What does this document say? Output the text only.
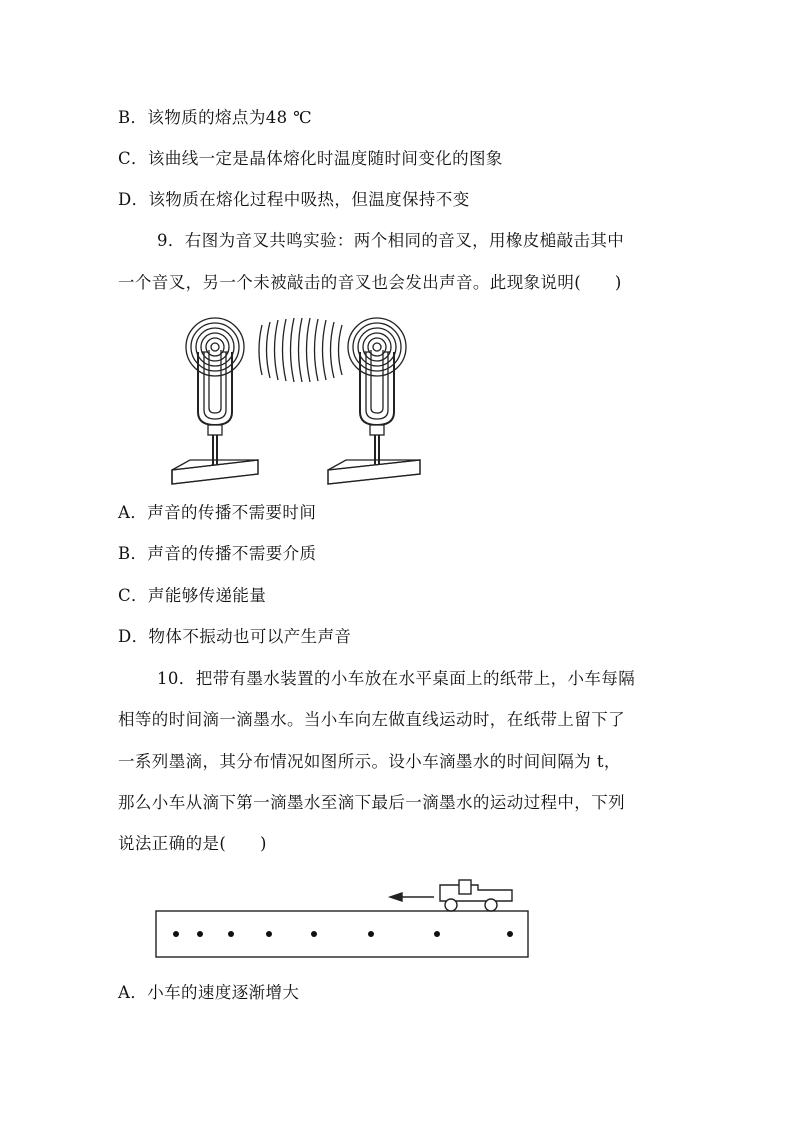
B．该物质的熔点为48 ℃
C．该曲线一定是晶体熔化时温度随时间变化的图象
D．该物质在熔化过程中吸热，但温度保持不变
9．右图为音叉共鸣实验：两个相同的音叉，用橡皮槌敲击其中
一个音叉，另一个未被敲击的音叉也会发出声音。此现象说明(　　)
A．声音的传播不需要时间
B．声音的传播不需要介质
C．声能够传递能量
D．物体不振动也可以产生声音
10．把带有墨水装置的小车放在水平桌面上的纸带上，小车每隔
相等的时间滴一滴墨水。当小车向左做直线运动时，在纸带上留下了
一系列墨滴，其分布情况如图所示。设小车滴墨水的时间间隔为 t，
那么小车从滴下第一滴墨水至滴下最后一滴墨水的运动过程中，下列
说法正确的是(　　)
A．小车的速度逐渐增大
